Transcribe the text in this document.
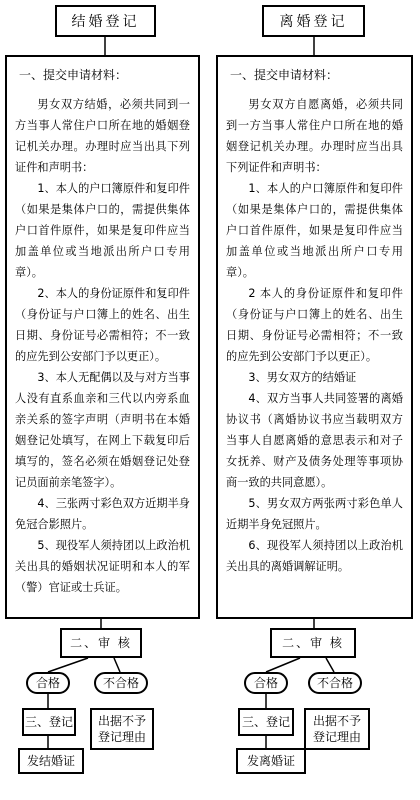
结婚登记
一、提交申请材料：

男女双方结婚，必须共同到一方当事人常住户口所在地的婚姻登记机关办理。办理时应当出具下列证件和声明书：

1、本人的户口簿原件和复印件（如果是集体户口的，需提供集体户口首件原件，如果是复印件应当加盖单位或当地派出所户口专用章）。

2、本人的身份证原件和复印件（身份证与户口簿上的姓名、出生日期、身份证号必需相符；不一致的应先到公安部门予以更正）。

3、本人无配偶以及与对方当事人没有直系血亲和三代以内旁系血亲关系的签字声明（声明书在本婚姻登记处填写，在网上下载复印后填写的，签名必须在婚姻登记处登记员面前亲笔签字）。

4、三张两寸彩色双方近期半身免冠合影照片。

5、现役军人须持团以上政治机关出具的婚姻状况证明和本人的军（警）官证或士兵证。

二、审 核
合格	不合格
三、登记	出据不予登记理由
发结婚证
离婚登记
一、提交申请材料：

男女双方自愿离婚，必须共同到一方当事人常住户口所在地的婚姻登记机关办理。办理时应当出具下列证件和声明书：

1、本人的户口簿原件和复印件（如果是集体户口的，需提供集体户口首件原件，如果是复印件应当加盖单位或当地派出所户口专用章）。

2 本人的身份证原件和复印件（身份证与户口簿上的姓名、出生日期、身份证号必需相符；不一致的应先到公安部门予以更正）。

3、男女双方的结婚证

4、双方当事人共同签署的离婚协议书（离婚协议书应当载明双方当事人自愿离婚的意思表示和对子女抚养、财产及债务处理等事项协商一致的共同意愿）。

5、男女双方两张两寸彩色单人近期半身免冠照片。

6、现役军人须持团以上政治机关出具的离婚调解证明。

二、审 核
合格	不合格
三、登记	出据不予登记理由
发离婚证
